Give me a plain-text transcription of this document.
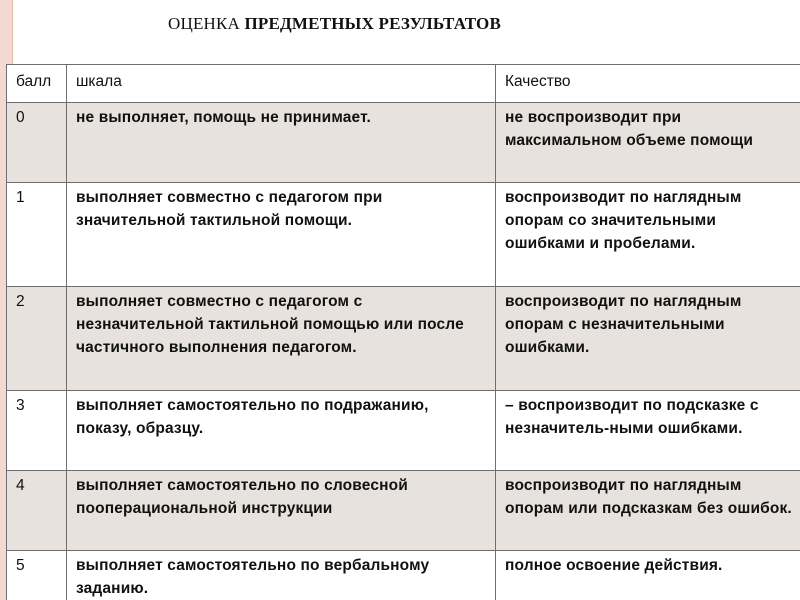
ОЦЕНКА ПРЕДМЕТНЫХ РЕЗУЛЬТАТОВ
балл	шкала	Качество
0	не выполняет, помощь не принимает.	не воспроизводит при максимальном объеме помощи
1	выполняет совместно с педагогом при значительной тактильной помощи.	воспроизводит по наглядным опорам со значительными ошибками и пробелами.
2	выполняет совместно с педагогом с незначительной тактильной помощью или после частичного выполнения педагогом.	воспроизводит по наглядным опорам с незначительными ошибками.
3	выполняет самостоятельно по подражанию, показу, образцу.	– воспроизводит по подсказке с незначитель-ными ошибками.
4	выполняет самостоятельно по словесной пооперациональной инструкции	воспроизводит по наглядным опорам или подсказкам без ошибок.
5	выполняет самостоятельно по вербальному заданию.	полное освоение действия.
